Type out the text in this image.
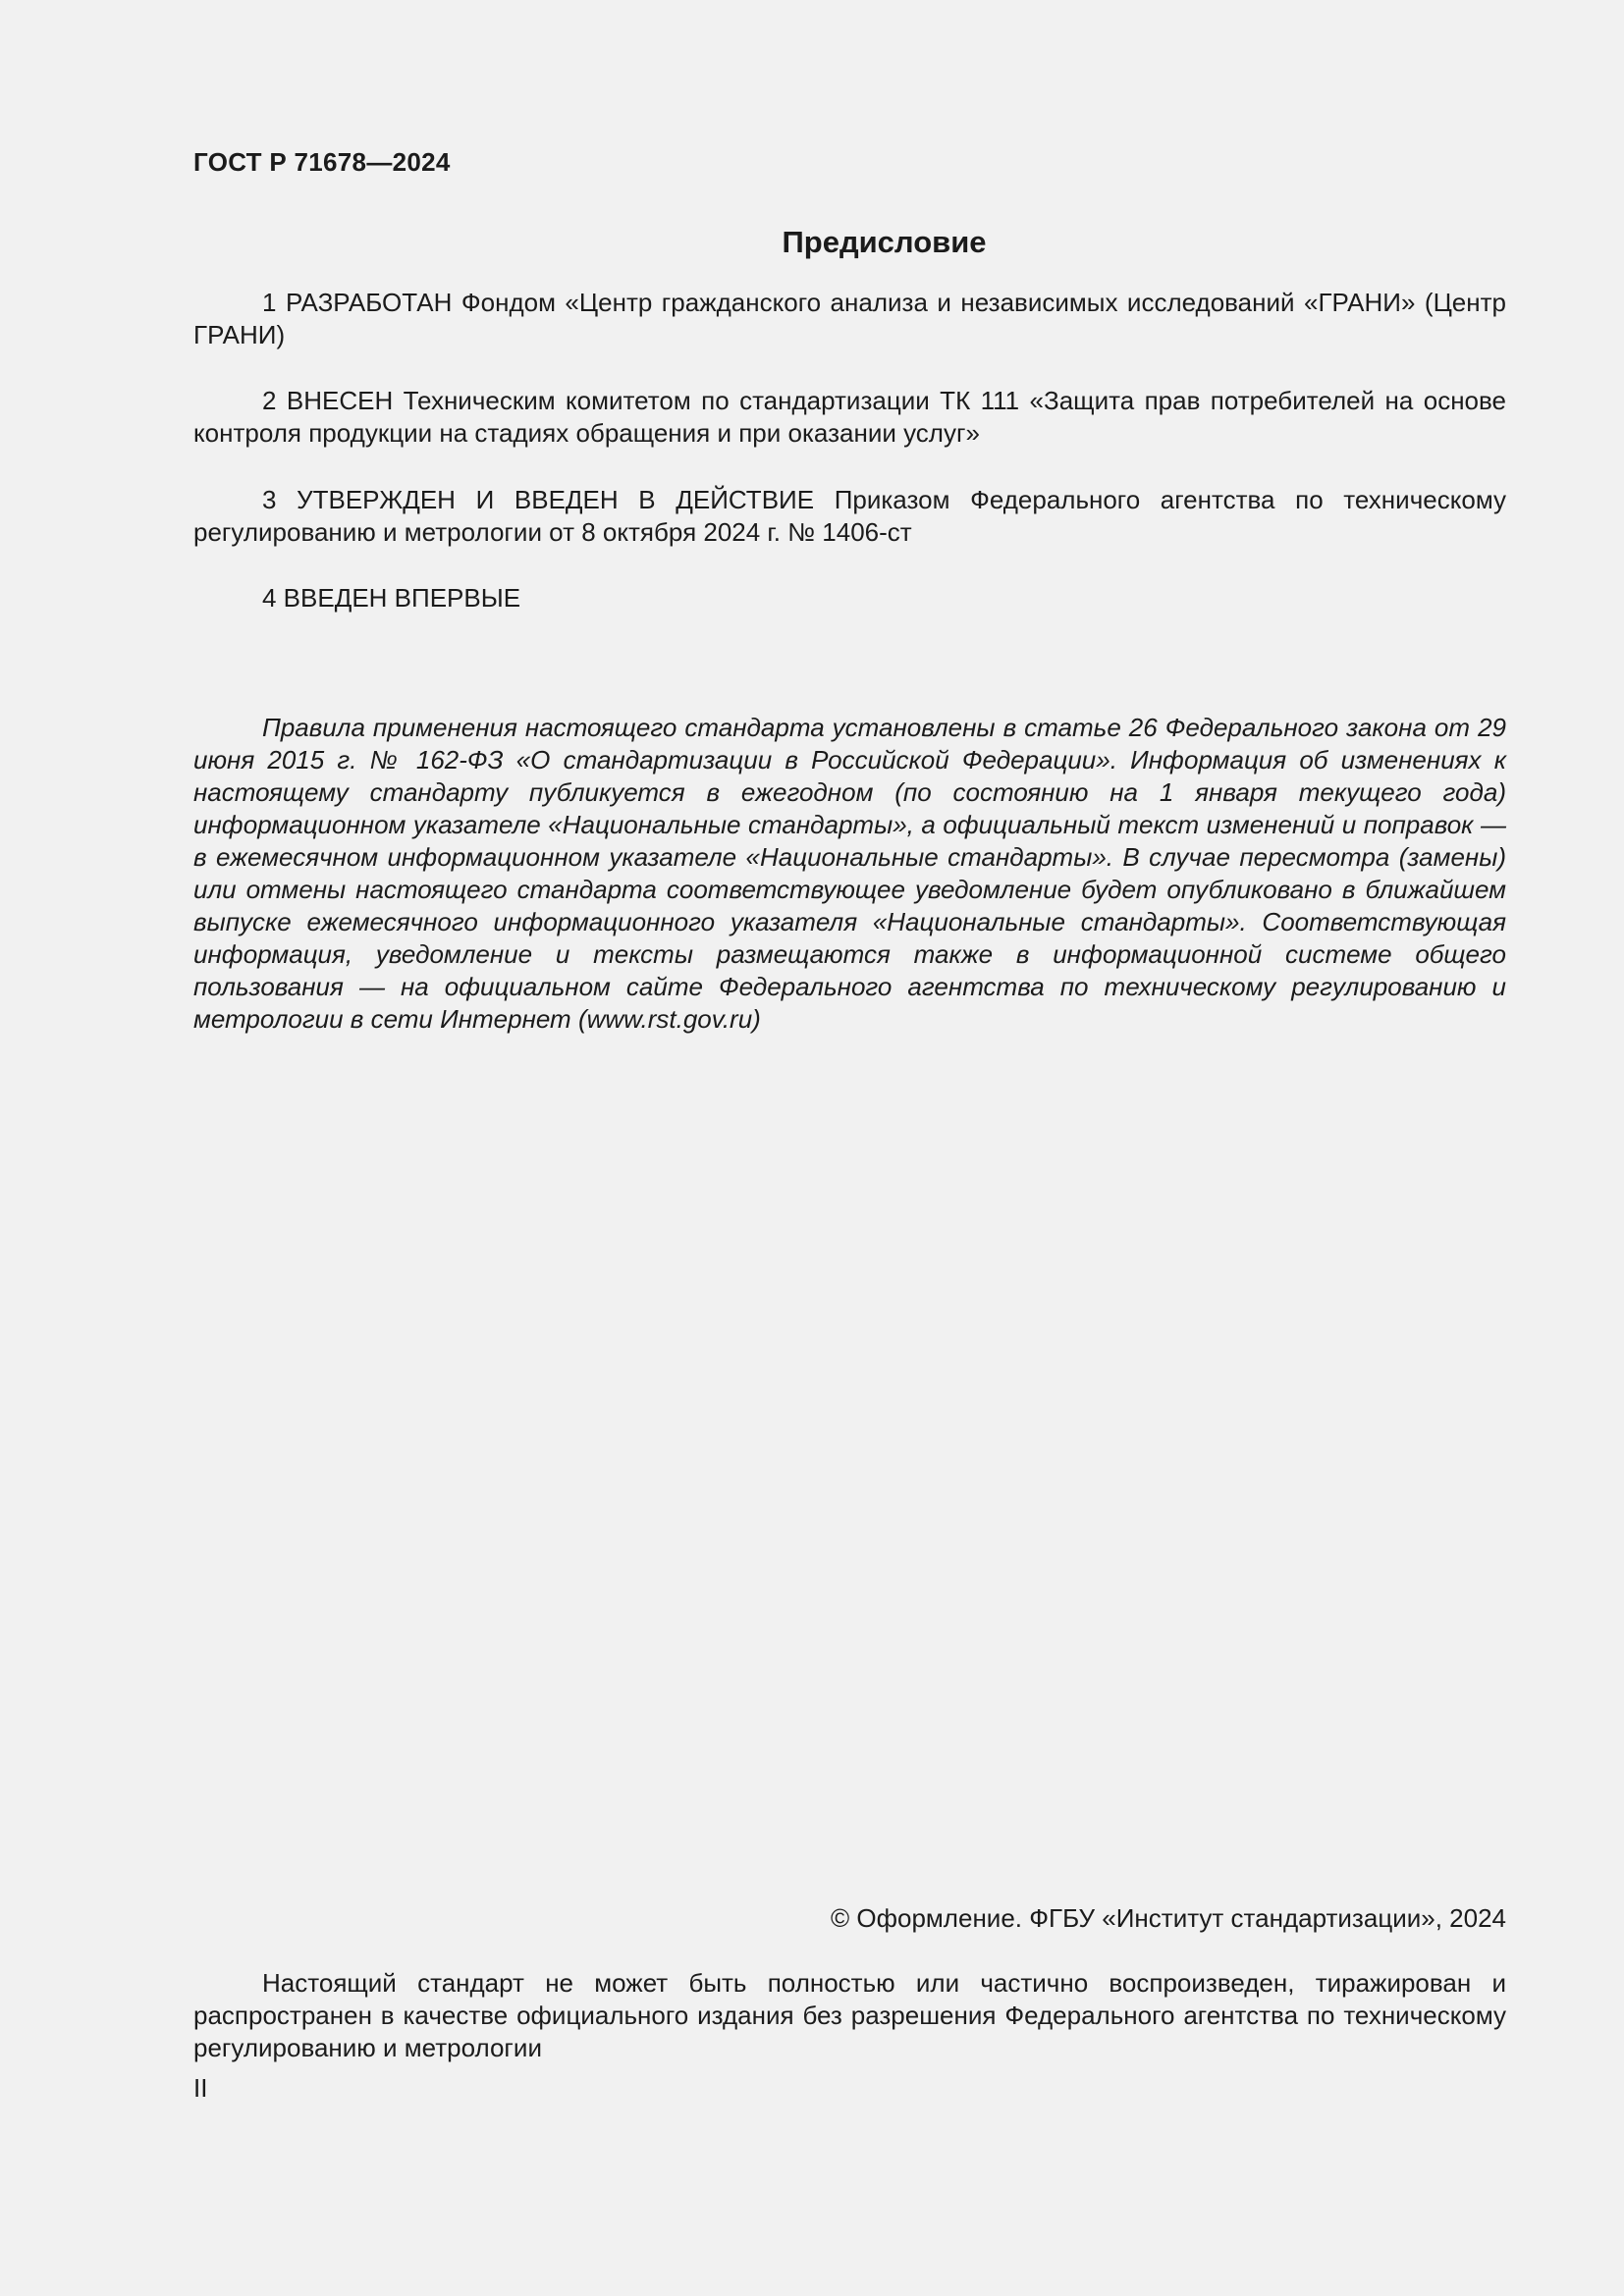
ГОСТ Р 71678—2024
Предисловие

1 РАЗРАБОТАН Фондом «Центр гражданского анализа и независимых исследований «ГРАНИ» (Центр ГРАНИ)

2 ВНЕСЕН Техническим комитетом по стандартизации ТК 111 «Защита прав потребителей на основе контроля продукции на стадиях обращения и при оказании услуг»

3 УТВЕРЖДЕН И ВВЕДЕН В ДЕЙСТВИЕ Приказом Федерального агентства по техническому регулированию и метрологии от 8 октября 2024 г. № 1406-ст

4 ВВЕДЕН ВПЕРВЫЕ

Правила применения настоящего стандарта установлены в статье 26 Федерального закона от 29 июня 2015 г. № 162-ФЗ «О стандартизации в Российской Федерации». Информация об изменениях к настоящему стандарту публикуется в ежегодном (по состоянию на 1 января текущего года) информационном указателе «Национальные стандарты», а официальный текст изменений и поправок — в ежемесячном информационном указателе «Национальные стандарты». В случае пересмотра (замены) или отмены настоящего стандарта соответствующее уведомление будет опубликовано в ближайшем выпуске ежемесячного информационного указателя «Национальные стандарты». Соответствующая информация, уведомление и тексты размещаются также в информационной системе общего пользования — на официальном сайте Федерального агентства по техническому регулированию и метрологии в сети Интернет (www.rst.gov.ru)

© Оформление. ФГБУ «Институт стандартизации», 2024

Настоящий стандарт не может быть полностью или частично воспроизведен, тиражирован и распространен в качестве официального издания без разрешения Федерального агентства по техническому регулированию и метрологии

II
